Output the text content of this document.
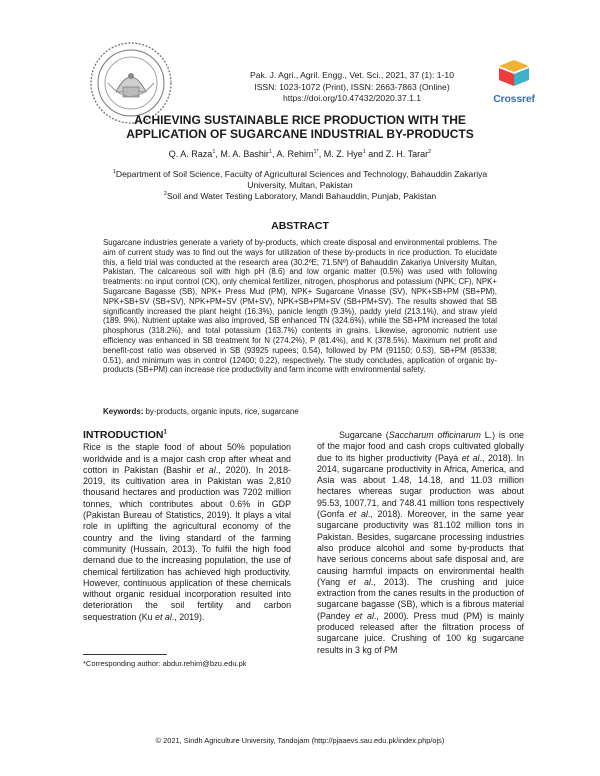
Pak. J. Agri., Agril. Engg., Vet. Sci., 2021, 37 (1): 1-10
ISSN: 1023-1072 (Print), ISSN: 2663-7863 (Online)
https://doi.org/10.47432/2020.37.1.1	Crossref
ACHIEVING SUSTAINABLE RICE PRODUCTION WITH THE APPLICATION OF SUGARCANE INDUSTRIAL BY-PRODUCTS
Q. A. Raza$^1$, M. A. Bashir$^1$, A. Rehim$^{1*}$, M. Z. Hye$^1$ and Z. H. Tarar$^2$
$^1$Department of Soil Science, Faculty of Agricultural Sciences and Technology, Bahauddin Zakariya University, Multan, Pakistan
$^2$Soil and Water Testing Laboratory, Mandi Bahauddin, Punjab, Pakistan
ABSTRACT
Sugarcane industries generate a variety of by-products, which create disposal and environmental problems. The aim of current study was to find out the ways for utilization of these by-products in rice production. To elucidate this, a field trial was conducted at the research area (30.2ºE; 71.5Nº) of Bahauddin Zakariya University Multan, Pakistan. The calcareous soil with high pH (8.6) and low organic matter (0.5%) was used with following treatments: no input control (CK), only chemical fertilizer, nitrogen, phosphorus and potassium (NPK; CF), NPK+ Sugarcane Bagasse (SB), NPK+ Press Mud (PM), NPK+ Sugarcane Vinasse (SV), NPK+SB+PM (SB+PM), NPK+SB+SV (SB+SV), NPK+PM+SV (PM+SV), NPK+SB+PM+SV (SB+PM+SV). The results showed that SB significantly increased the plant height (16.3%), panicle length (9.3%), paddy yield (213.1%), and straw yield (189. 9%). Nutrient uptake was also improved, SB enhanced TN (324.6%), while the SB+PM increased the total phosphorus (318.2%), and total potassium (163.7%) contents in grains. Likewise, agronomic nutrient use efficiency was enhanced in SB treatment for N (274.2%), P (81.4%), and K (378.5%). Maximum net profit and benefit-cost ratio was observed in SB (93925 rupees; 0.54), followed by PM (91150; 0.53), SB+PM (85338; 0.51), and minimum was in control (12400; 0.22), respectively. The study concludes, application of organic by-products (SB+PM) can increase rice productivity and farm income with environmental safety.
Keywords: by-products, organic inputs, rice, sugarcane
INTRODUCTION$^1$
Rice is the staple food of about 50% population worldwide and is a major cash crop after wheat and cotton in Pakistan (Bashir et al., 2020). In 2018-2019, its cultivation area in Pakistan was 2,810 thousand hectares and production was 7202 million tonnes, which contributes about 0.6% in GDP (Pakistan Bureau of Statistics, 2019). It plays a vital role in uplifting the agricultural economy of the country and the living standard of the farming community (Hussain, 2013). To fulfil the high food demand due to the increasing population, the use of chemical fertilization has achieved high productivity. However, continuous application of these chemicals without organic residual incorporation resulted into deterioration the soil fertility and carbon sequestration (Ku et al., 2019).
Sugarcane (Saccharum officinarum L.) is one of the major food and cash crops cultivated globally due to its higher productivity (Payá et al., 2018). In 2014, sugarcane productivity in Africa, America, and Asia was about 1.48, 14.18, and 11.03 million hectares whereas sugar production was about 95.53, 1007.71, and 748.41 million tons respectively (Gonfa et al., 2018). Moreover, in the same year sugarcane productivity was 81.102 million tons in Pakistan. Besides, sugarcane processing industries also produce alcohol and some by-products that have serious concerns about safe disposal and, are causing harmful impacts on environmental health (Yang et al., 2013). The crushing and juice extraction from the canes results in the production of sugarcane bagasse (SB), which is a fibrous material (Pandey et al., 2000). Press mud (PM) is mainly produced released after the filtration process of sugarcane juice. Crushing of 100 kg sugarcane results in 3 kg of PM
*Corresponding author: abdur.rehim@bzu.edu.pk
© 2021, Sindh Agriculture University, Tandojam (http://pjaaevs.sau.edu.pk/index.php/ojs)
